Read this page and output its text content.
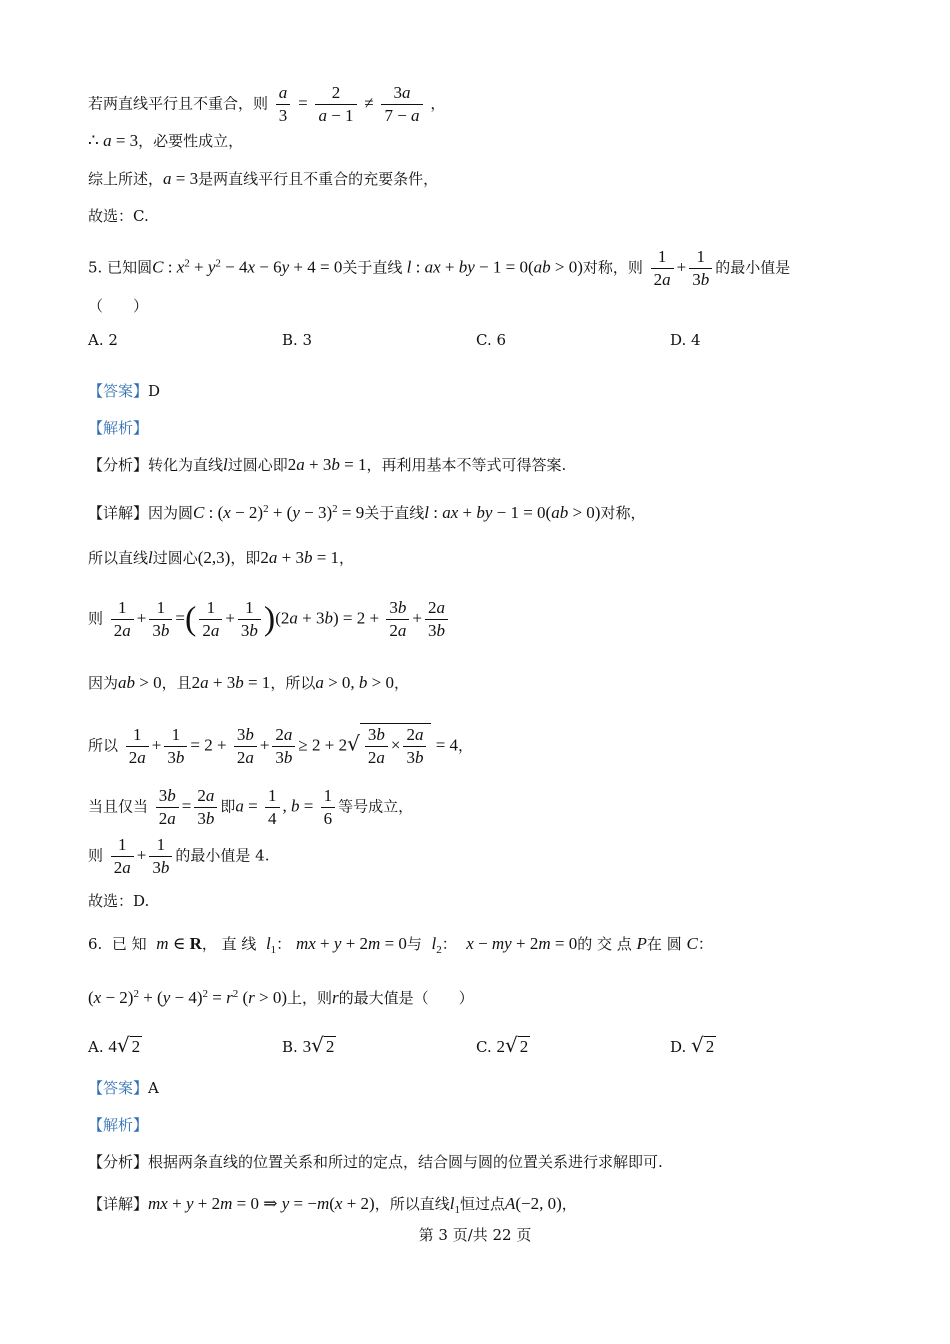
若两直线平行且不重合，则 $\frac{a}{3} = \frac{2}{a - 1} \ne \frac{3a}{7 - a}$ ，
∴ a = 3，必要性成立，
综上所述，a = 3是两直线平行且不重合的充要条件，
故选：C.
5. 已知圆C : $x^2 + y^2 - 4x - 6y + 4 = 0$关于直线 l : ax + by − 1 = 0(ab > 0)对称，则 $\frac{1}{2a} + \frac{1}{3b}$ 的最小值是
（　　）
A. 2	B. 3	C. 6	D. 4
【答案】D
【解析】
【分析】转化为直线l过圆心即2a + 3b = 1，再利用基本不等式可得答案.
【详解】因为圆C : $(x - 2)^2 + (y - 3)^2 = 9$关于直线l : ax + by − 1 = 0(ab > 0)对称，
所以直线l过圆心(2,3)，即2a + 3b = 1，
则 $\frac{1}{2a} + \frac{1}{3b}$ =( $\frac{1}{2a} + \frac{1}{3b} )(2a + 3b) = 2 + \frac{3b}{2a} + \frac{2a}{3b}$
因为ab > 0，且2a + 3b = 1，所以a > 0, b > 0，
所以 $\frac{1}{2a} + \frac{1}{3b} = 2 + \frac{3b}{2a} + \frac{2a}{3b} \ge 2 + 2√ \frac{3b}{2a} \times \frac{2a}{3b} = 4$，
当且仅当 $\frac{3b}{2a} = \frac{2a}{3b}$ 即$a = \frac{1}{4}$ , $b = \frac{1}{6}$ 等号成立，
则 $\frac{1}{2a} + \frac{1}{3b}$ 的最小值是 4.
故选：D.
6. 已 知 m ∈ R， 直 线 $l_1$： mx + y + 2m = 0与 $l_2$： x − my + 2m = 0的 交 点 P在 圆 C：
$(x - 2)^2 + (y - 4)^2 = r^2$ (r > 0)上，则r的最大值是（　　）
A. 4√ 2	B. 3√ 2	C. 2√ 2	D. √ 2
【答案】A
【解析】
【分析】根据两条直线的位置关系和所过的定点，结合圆与圆的位置关系进行求解即可.
【详解】mx + y + 2m = 0 ⇒ y = −m(x + 2)，所以直线$l_1$恒过点A(−2, 0)，
第 3 页/共 22 页
